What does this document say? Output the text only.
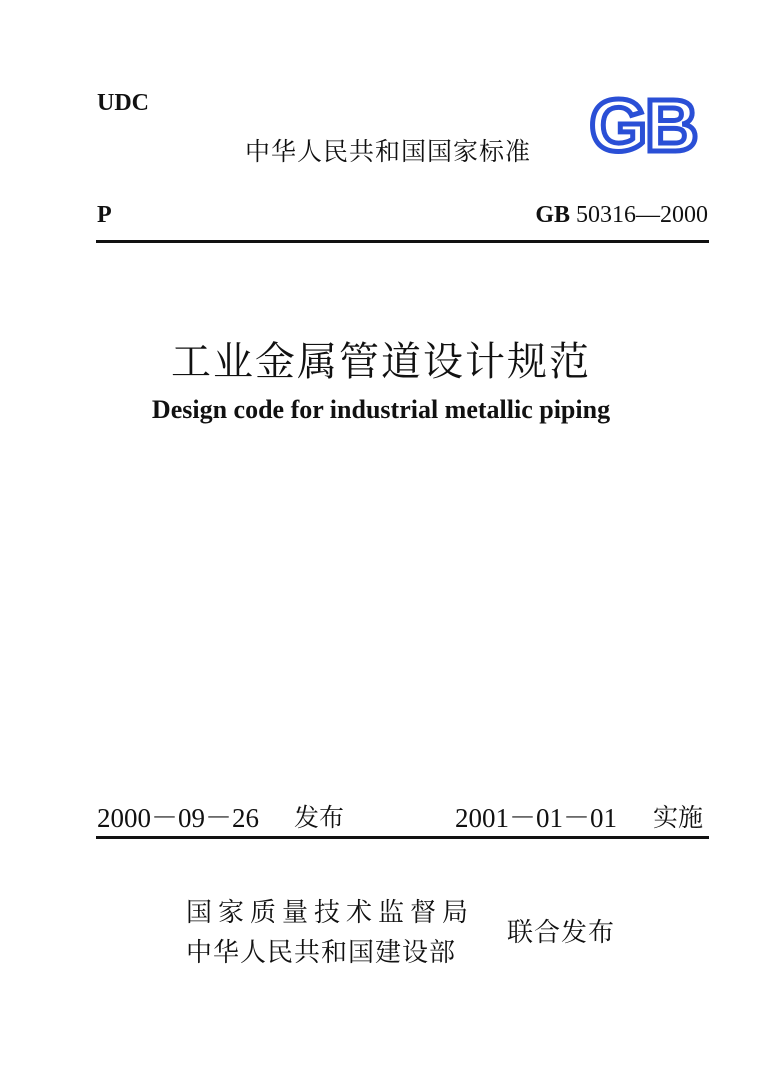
UDC
中华人民共和国国家标准 GB
P	GB 50316—2000
工业金属管道设计规范
Design code for industrial metallic piping
2000－09－26 发布	2001－01－01 实施
国家质量技术监督局
中华人民共和国建设部
联合发布
